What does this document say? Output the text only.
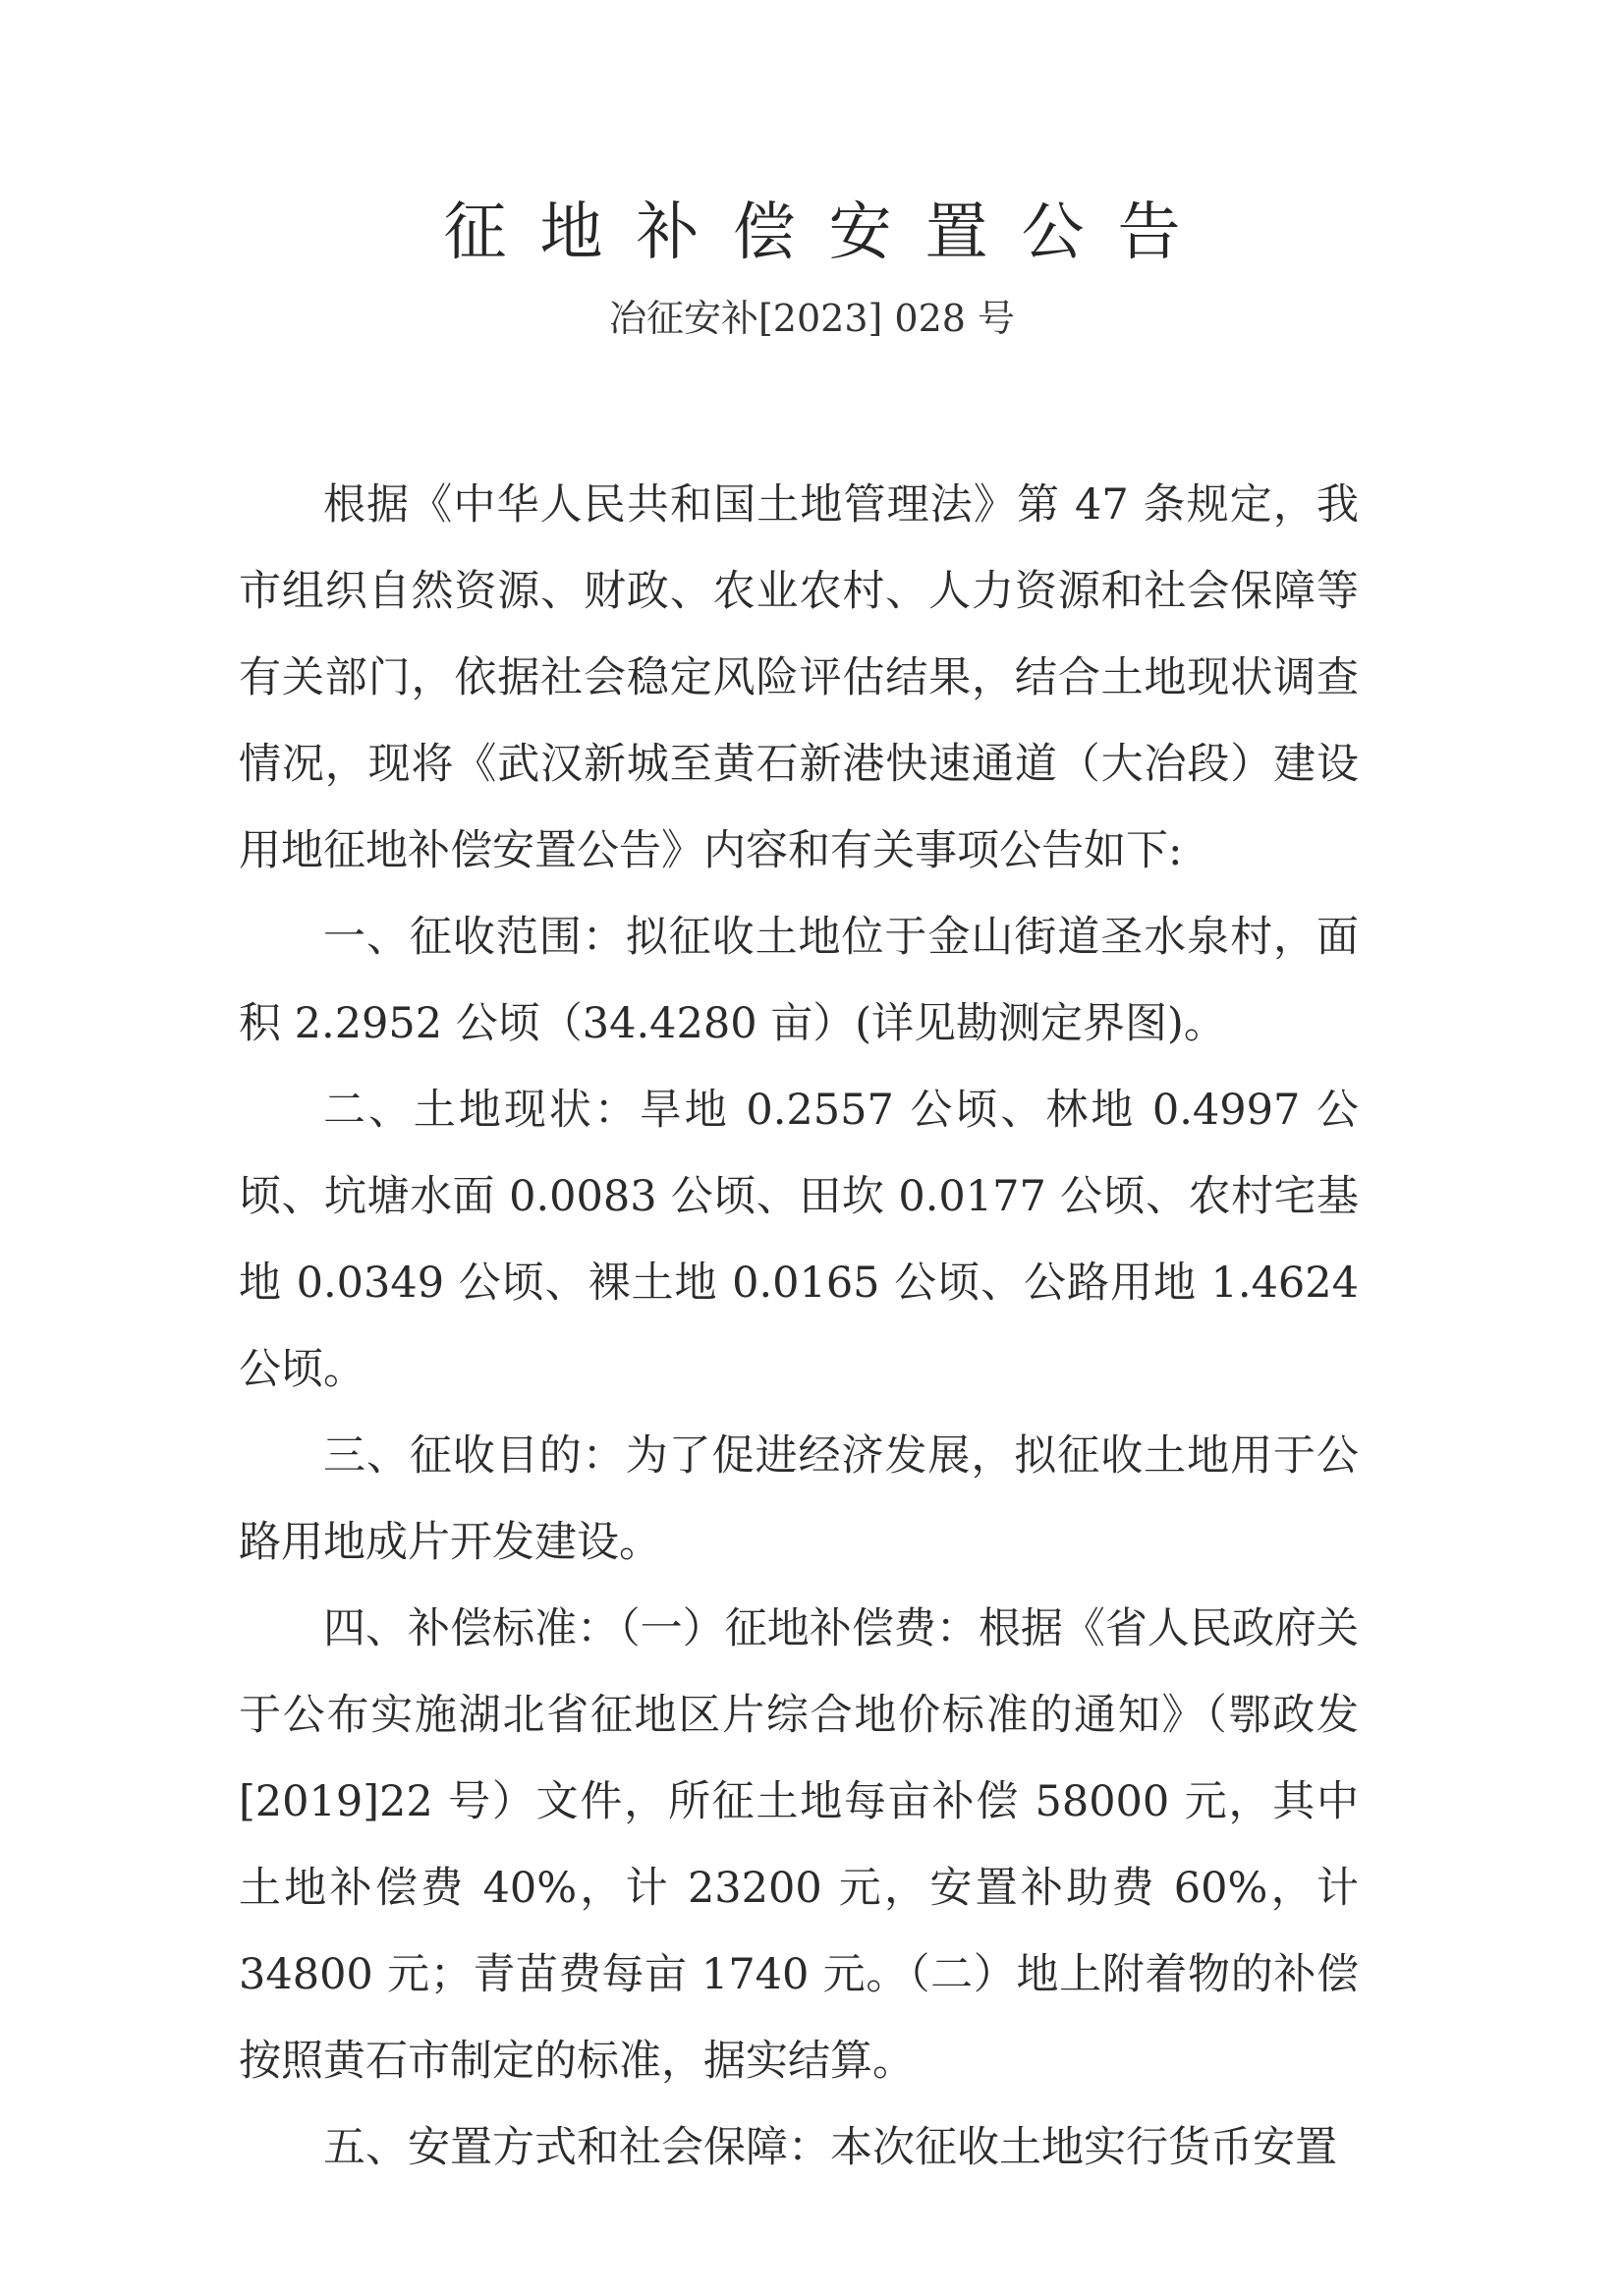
征地补偿安置公告
冶征安补[2023] 028 号

根据《中华人民共和国土地管理法》第 47 条规定，我市组织自然资源、财政、农业农村、人力资源和社会保障等有关部门，依据社会稳定风险评估结果，结合土地现状调查情况，现将《武汉新城至黄石新港快速通道（大冶段）建设用地征地补偿安置公告》内容和有关事项公告如下:

一、征收范围：拟征收土地位于金山街道圣水泉村，面积 2.2952 公顷（34.4280 亩）(详见勘测定界图)。

二、土地现状：旱地 0.2557 公顷、林地 0.4997 公顷、坑塘水面 0.0083 公顷、田坎 0.0177 公顷、农村宅基地 0.0349 公顷、裸土地 0.0165 公顷、公路用地 1.4624 公顷。

三、征收目的：为了促进经济发展，拟征收土地用于公路用地成片开发建设。

四、补偿标准：（一）征地补偿费：根据《省人民政府关于公布实施湖北省征地区片综合地价标准的通知》（鄂政发[2019]22 号）文件，所征土地每亩补偿 58000 元，其中土地补偿费 40%，计 23200 元，安置补助费 60%，计 34800 元；青苗费每亩 1740 元。（二）地上附着物的补偿按照黄石市制定的标准，据实结算。

五、安置方式和社会保障：本次征收土地实行货币安置
